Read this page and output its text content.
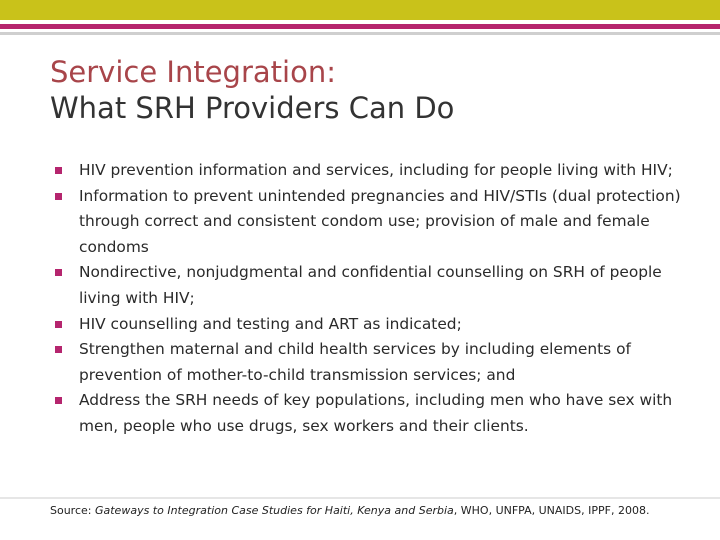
Service Integration:
What SRH Providers Can Do
HIV prevention information and services, including for people living with HIV;
Information to prevent unintended pregnancies and HIV/STIs (dual protection) through correct and consistent condom use; provision of male and female condoms
Nondirective, nonjudgmental and confidential counselling on SRH of people living with HIV;
HIV counselling and testing and ART as indicated;
Strengthen maternal and child health services by including elements of prevention of mother-to-child transmission services; and
Address the SRH needs of key populations, including men who have sex with men, people who use drugs, sex workers and their clients.
Source: Gateways to Integration Case Studies for Haiti, Kenya and Serbia, WHO, UNFPA, UNAIDS, IPPF, 2008.
